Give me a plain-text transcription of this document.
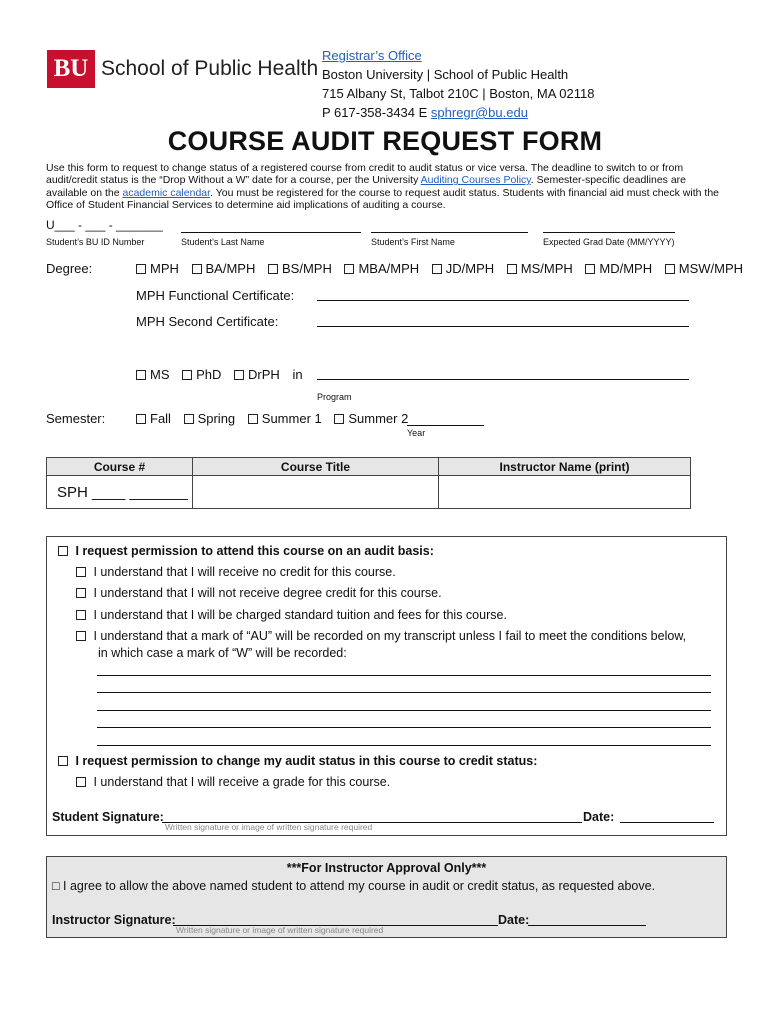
BU School of Public Health
Registrar’s Office
Boston University | School of Public Health
715 Albany St, Talbot 210C | Boston, MA 02118
P 617-358-3434 E sphregr@bu.edu
COURSE AUDIT REQUEST FORM
Use this form to request to change status of a registered course from credit to audit status or vice versa. The deadline to switch to or from audit/credit status is the “Drop Without a W” date for a course, per the University Auditing Courses Policy. Semester-specific deadlines are available on the academic calendar. You must be registered for the course to request audit status. Students with financial aid must check with the Office of Student Financial Services to determine aid implications of auditing a course.
U___ - ___ - _______
Student’s BU ID Number	Student’s Last Name	Student’s First Name	Expected Grad Date (MM/YYYY)
Degree:	MPH BA/MPH BS/MPH MBA/MPH JD/MPH MS/MPH MD/MPH MSW/MPH
MPH Functional Certificate:
MPH Second Certificate:
MS PhD DrPH in
Program
Semester:	Fall Spring Summer 1 Summer 2
Year
Course #	Course Title	Instructor Name (print)
SPH ____ _______		
I request permission to attend this course on an audit basis:
I understand that I will receive no credit for this course.
I understand that I will not receive degree credit for this course.
I understand that I will be charged standard tuition and fees for this course.
I understand that a mark of “AU” will be recorded on my transcript unless I fail to meet the conditions below,
in which case a mark of “W” will be recorded:
I request permission to change my audit status in this course to credit status:
I understand that I will receive a grade for this course.
Student Signature:	Date:
Written signature or image of written signature required
***For Instructor Approval Only***
□ I agree to allow the above named student to attend my course in audit or credit status, as requested above.
Instructor Signature:	Date:
Written signature or image of written signature required
